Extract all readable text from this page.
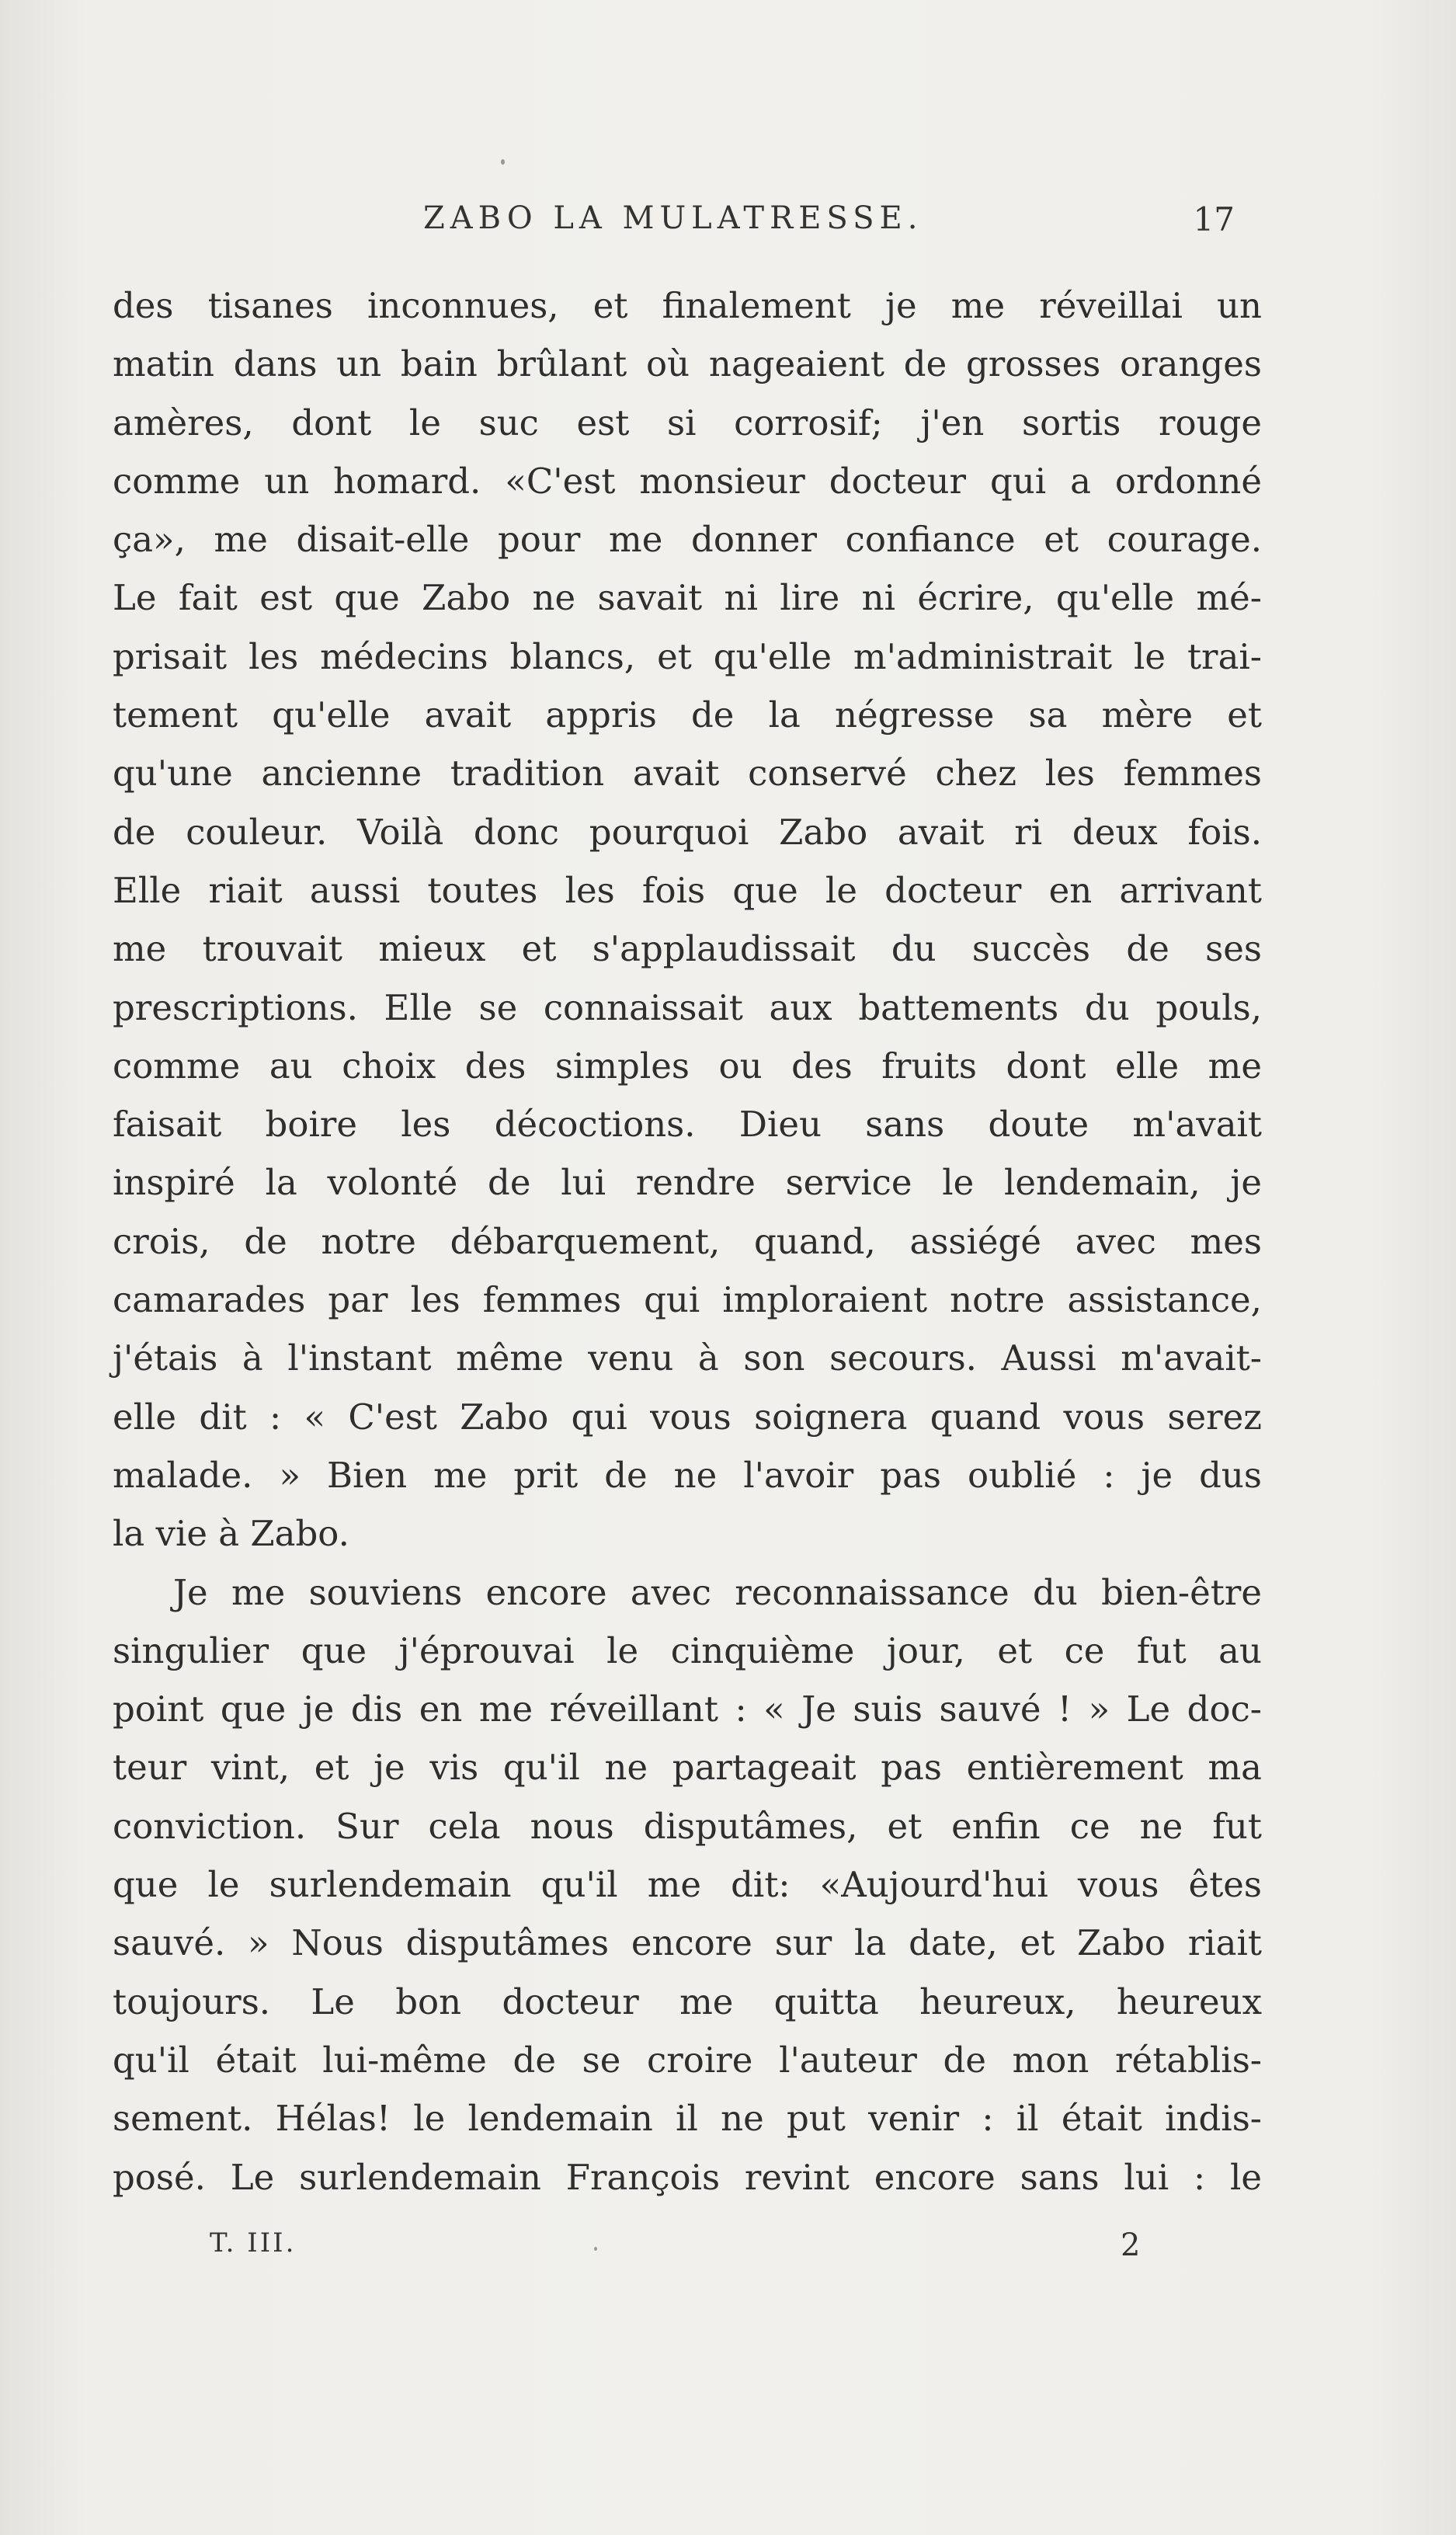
ZABO LA MULATRESSE.	17
des tisanes inconnues, et finalement je me réveillai un
matin dans un bain brûlant où nageaient de grosses oranges
amères, dont le suc est si corrosif; j'en sortis rouge
comme un homard. «C'est monsieur docteur qui a ordonné
ça», me disait-elle pour me donner confiance et courage.
Le fait est que Zabo ne savait ni lire ni écrire, qu'elle mé-
prisait les médecins blancs, et qu'elle m'administrait le trai-
tement qu'elle avait appris de la négresse sa mère et
qu'une ancienne tradition avait conservé chez les femmes
de couleur. Voilà donc pourquoi Zabo avait ri deux fois.
Elle riait aussi toutes les fois que le docteur en arrivant
me trouvait mieux et s'applaudissait du succès de ses
prescriptions. Elle se connaissait aux battements du pouls,
comme au choix des simples ou des fruits dont elle me
faisait boire les décoctions. Dieu sans doute m'avait
inspiré la volonté de lui rendre service le lendemain, je
crois, de notre débarquement, quand, assiégé avec mes
camarades par les femmes qui imploraient notre assistance,
j'étais à l'instant même venu à son secours. Aussi m'avait-
elle dit : « C'est Zabo qui vous soignera quand vous serez
malade. » Bien me prit de ne l'avoir pas oublié : je dus
la vie à Zabo.
Je me souviens encore avec reconnaissance du bien-être
singulier que j'éprouvai le cinquième jour, et ce fut au
point que je dis en me réveillant : « Je suis sauvé ! » Le doc-
teur vint, et je vis qu'il ne partageait pas entièrement ma
conviction. Sur cela nous disputâmes, et enfin ce ne fut
que le surlendemain qu'il me dit: «Aujourd'hui vous êtes
sauvé. » Nous disputâmes encore sur la date, et Zabo riait
toujours. Le bon docteur me quitta heureux, heureux
qu'il était lui-même de se croire l'auteur de mon rétablis-
sement. Hélas! le lendemain il ne put venir : il était indis-
posé. Le surlendemain François revint encore sans lui : le
T. III.	2
